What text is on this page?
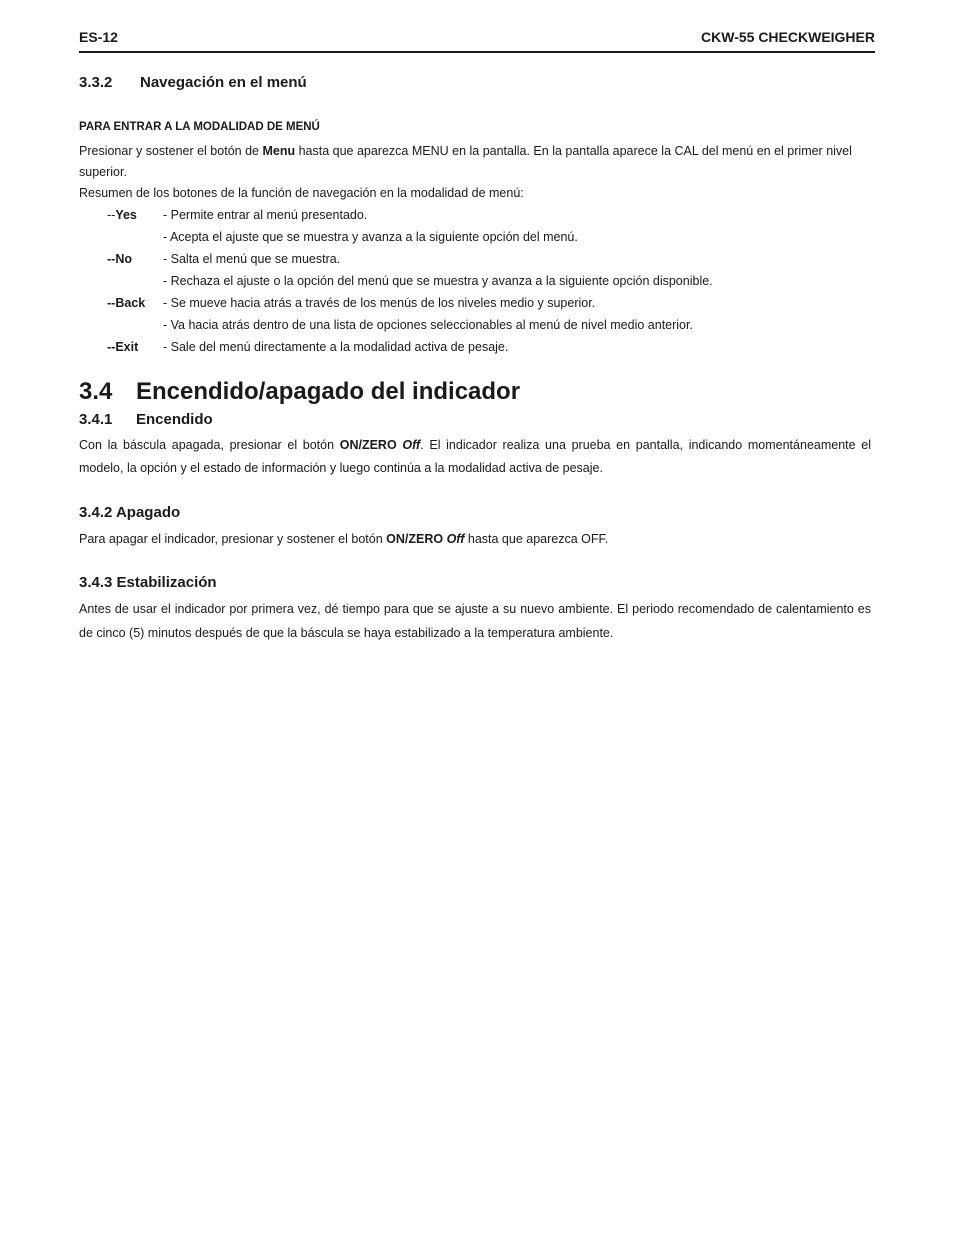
ES-12	CKW-55 CHECKWEIGHER
3.3.2 Navegación en el menú
PARA ENTRAR A LA MODALIDAD DE MENÚ
Presionar y sostener el botón de Menu hasta que aparezca MENU en la pantalla. En la pantalla aparece la CAL del menú en el primer nivel superior.
Resumen de los botones de la función de navegación en la modalidad de menú:
--Yes	- Permite entrar al menú presentado.
	- Acepta el ajuste que se muestra y avanza a la siguiente opción del menú.
--No	- Salta el menú que se muestra.
	- Rechaza el ajuste o la opción del menú que se muestra y avanza a la siguiente opción disponible.
--Back	- Se mueve hacia atrás a través de los menús de los niveles medio y superior.
	- Va hacia atrás dentro de una lista de opciones seleccionables al menú de nivel medio anterior.
--Exit	- Sale del menú directamente a la modalidad activa de pesaje.
3.4 Encendido/apagado del indicador
3.4.1 Encendido
Con la báscula apagada, presionar el botón ON/ZERO Off. El indicador realiza una prueba en pantalla, indicando momentáneamente el modelo, la opción y el estado de información y luego continúa a la modalidad activa de pesaje.
3.4.2 Apagado
Para apagar el indicador, presionar y sostener el botón ON/ZERO Off hasta que aparezca OFF.
3.4.3 Estabilización
Antes de usar el indicador por primera vez, dé tiempo para que se ajuste a su nuevo ambiente. El periodo recomendado de calentamiento es de cinco (5) minutos después de que la báscula se haya estabilizado a la temperatura ambiente.
